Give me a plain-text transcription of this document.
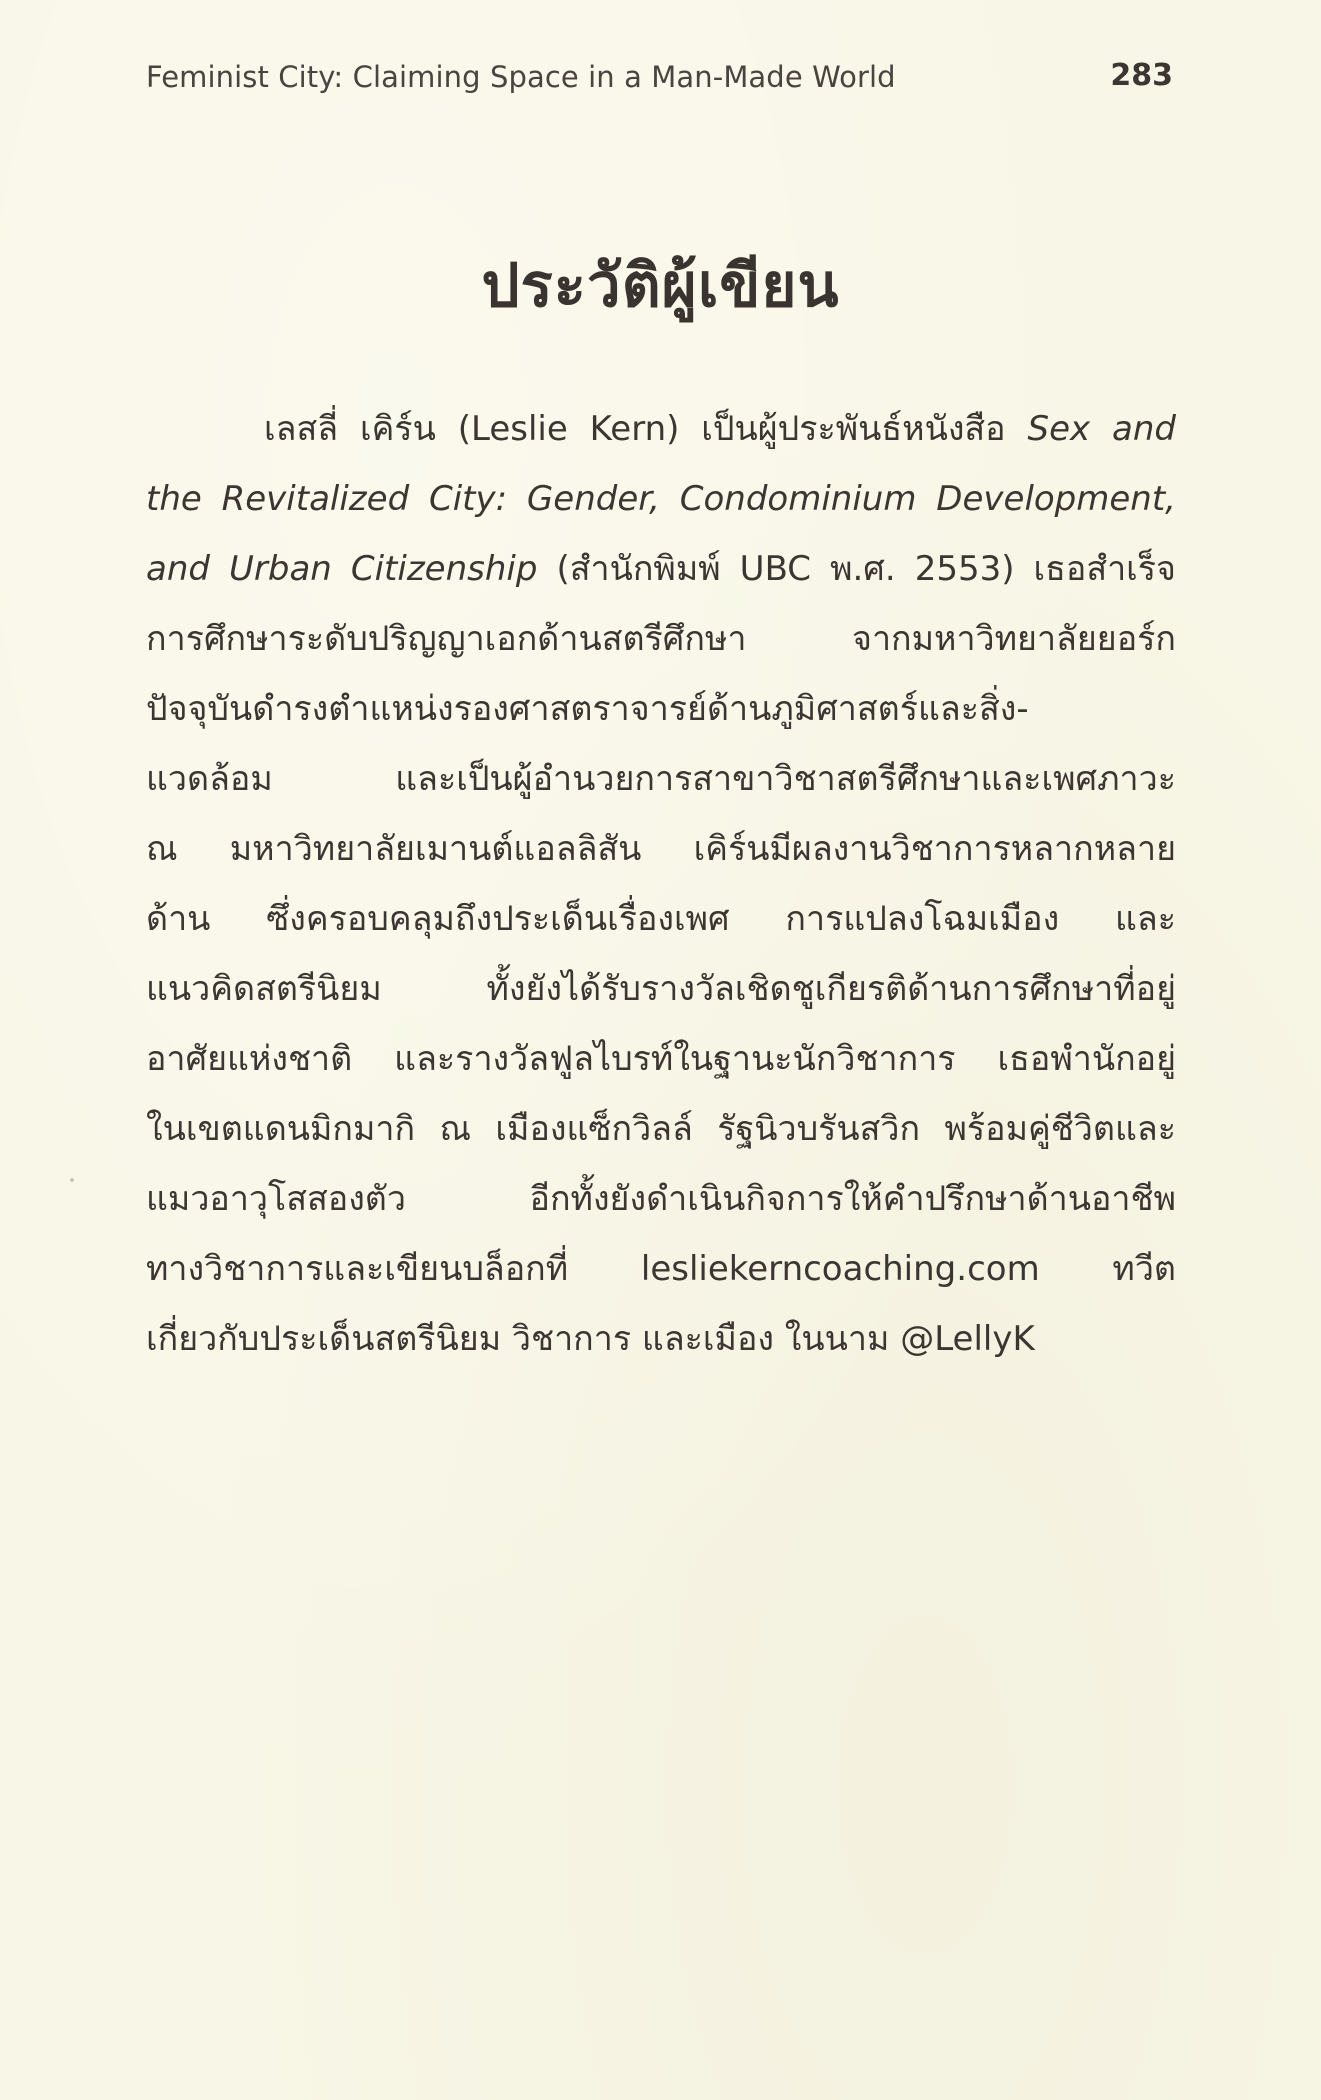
Feminist City: Claiming Space in a Man-Made World	283
ประวัติผู้เขียน
เลสลี่ เคิร์น (Leslie Kern) เป็นผู้ประพันธ์หนังสือ Sex and
the Revitalized City: Gender, Condominium Development,
and Urban Citizenship (สำนักพิมพ์ UBC พ.ศ. 2553) เธอสำเร็จ
การศึกษาระดับปริญญาเอกด้านสตรีศึกษา จากมหาวิทยาลัยยอร์ก
ปัจจุบันดำรงตำแหน่งรองศาสตราจารย์ด้านภูมิศาสตร์และสิ่ง-
แวดล้อม และเป็นผู้อำนวยการสาขาวิชาสตรีศึกษาและเพศภาวะ
ณ มหาวิทยาลัยเมานต์แอลลิสัน เคิร์นมีผลงานวิชาการหลากหลาย
ด้าน ซึ่งครอบคลุมถึงประเด็นเรื่องเพศ การแปลงโฉมเมือง และ
แนวคิดสตรีนิยม ทั้งยังได้รับรางวัลเชิดชูเกียรติด้านการศึกษาที่อยู่
อาศัยแห่งชาติ และรางวัลฟูลไบรท์ในฐานะนักวิชาการ เธอพำนักอยู่
ในเขตแดนมิกมากิ ณ เมืองแซ็กวิลล์ รัฐนิวบรันสวิก พร้อมคู่ชีวิตและ
แมวอาวุโสสองตัว อีกทั้งยังดำเนินกิจการให้คำปรึกษาด้านอาชีพ
ทางวิชาการและเขียนบล็อกที่ lesliekerncoaching.com ทวีต
เกี่ยวกับประเด็นสตรีนิยม วิชาการ และเมือง ในนาม @LellyK
